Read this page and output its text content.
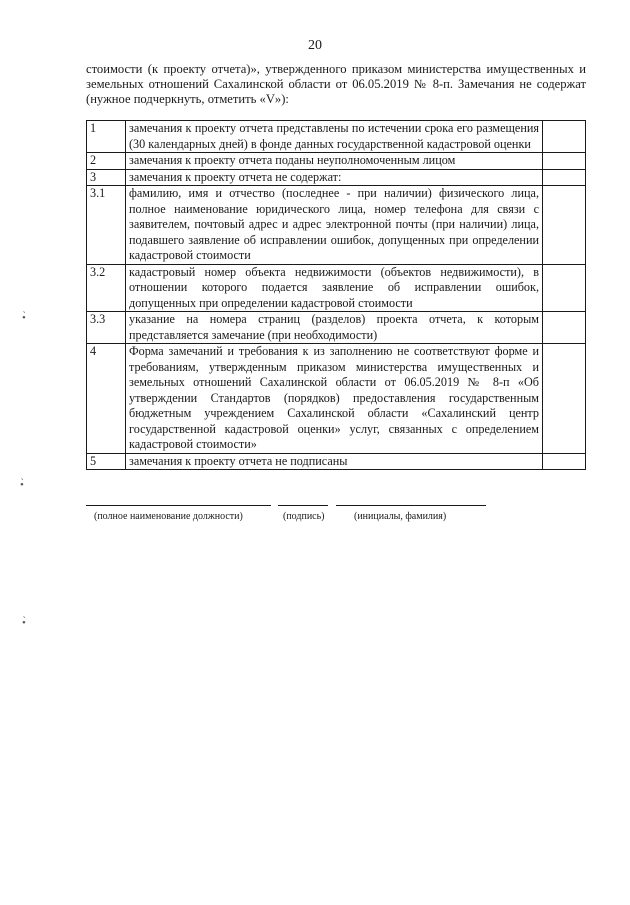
20

стоимости (к проекту отчета)», утвержденного приказом министерства имущественных и земельных отношений Сахалинской области от 06.05.2019 № 8-п. Замечания не содержат (нужное подчеркнуть, отметить «V»):

1	замечания к проекту отчета представлены по истечении срока его размещения (30 календарных дней) в фонде данных государственной кадастровой оценки	
2	замечания к проекту отчета поданы неуполномоченным лицом	
3	замечания к проекту отчета не содержат:	
3.1	фамилию, имя и отчество (последнее - при наличии) физического лица, полное наименование юридического лица, номер телефона для связи с заявителем, почтовый адрес и адрес электронной почты (при наличии) лица, подавшего заявление об исправлении ошибок, допущенных при определении кадастровой стоимости	
3.2	кадастровый номер объекта недвижимости (объектов недвижимости), в отношении которого подается заявление об исправлении ошибок, допущенных при определении кадастровой стоимости	
3.3	указание на номера страниц (разделов) проекта отчета, к которым представляется замечание (при необходимости)	
4	Форма замечаний и требования к из заполнению не соответствуют форме и требованиям, утвержденным приказом министерства имущественных и земельных отношений Сахалинской области от 06.05.2019 № 8-п «Об утверждении Стандартов (порядков) предоставления государственным бюджетным учреждением Сахалинской области «Сахалинский центр государственной кадастровой оценки» услуг, связанных с определением кадастровой стоимости»	
5	замечания к проекту отчета не подписаны	
(полное наименование должности)	(подпись)	(инициалы, фамилия)
•̀
•̀
•̀
